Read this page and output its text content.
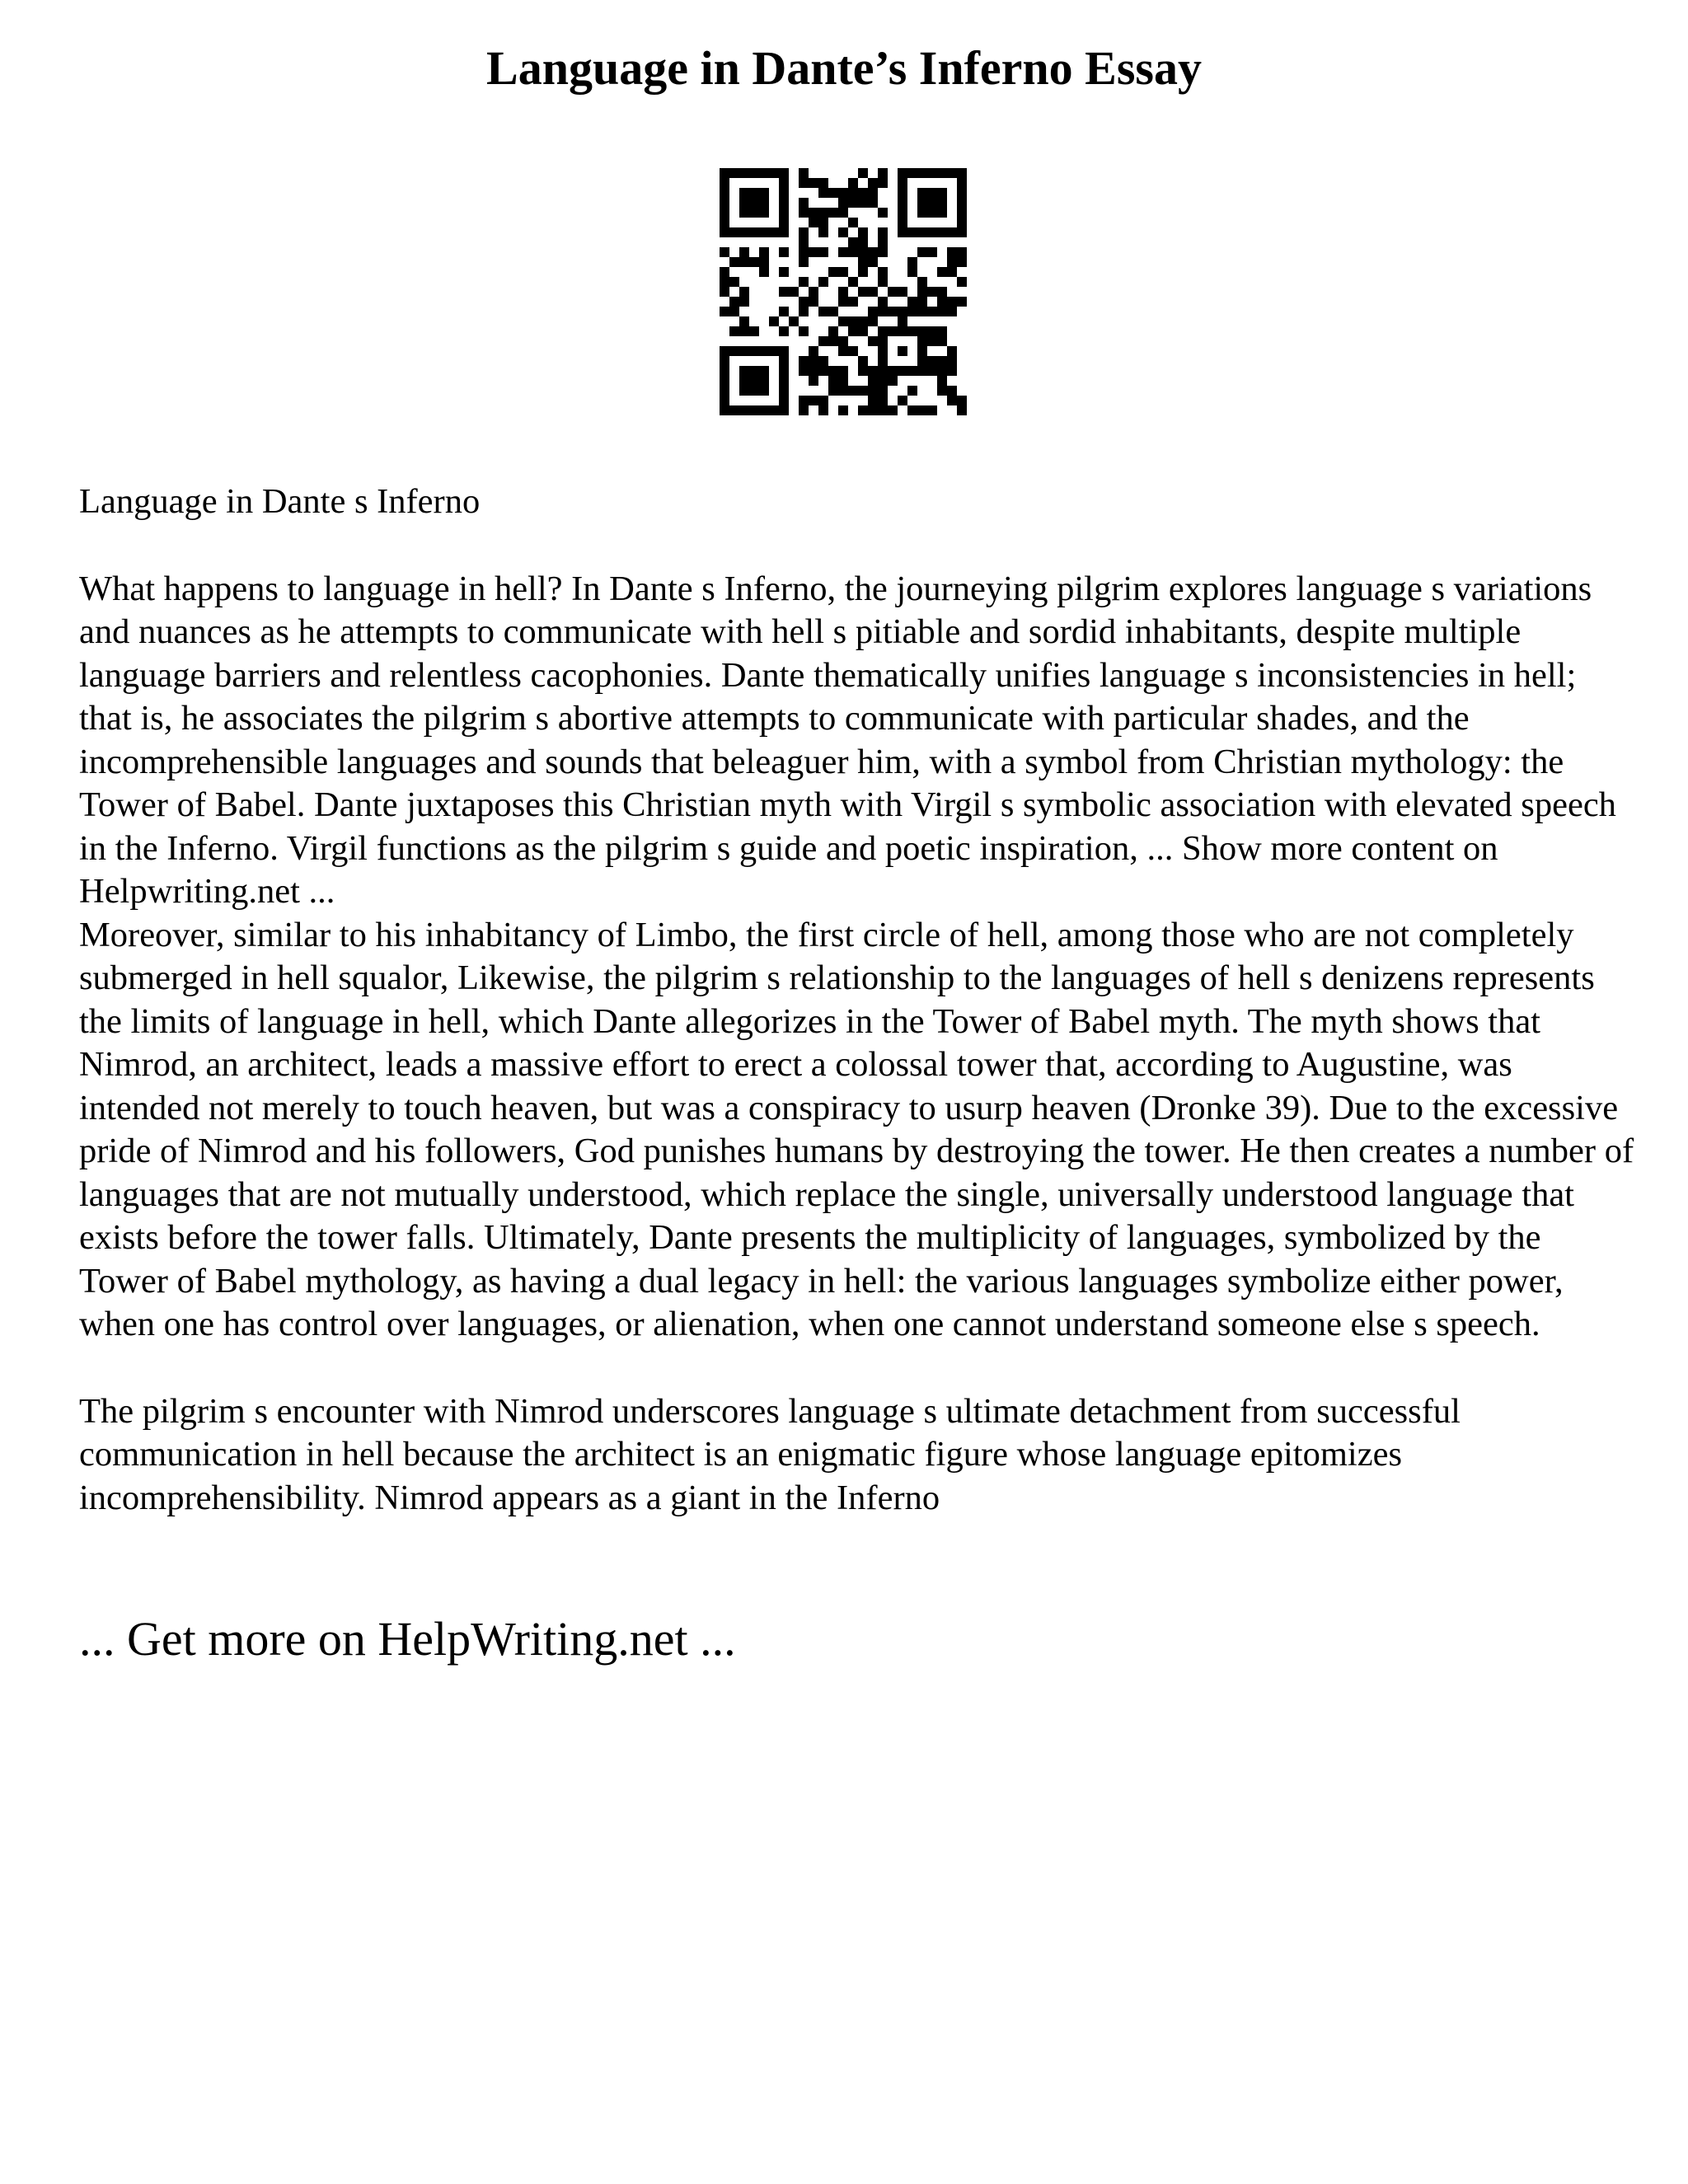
Language in Dante’s Inferno Essay

Language in Dante s Inferno

What happens to language in hell? In Dante s Inferno, the journeying pilgrim explores language s variations and nuances as he attempts to communicate with hell s pitiable and sordid inhabitants, despite multiple language barriers and relentless cacophonies. Dante thematically unifies language s inconsistencies in hell; that is, he associates the pilgrim s abortive attempts to communicate with particular shades, and the incomprehensible languages and sounds that beleaguer him, with a symbol from Christian mythology: the Tower of Babel. Dante juxtaposes this Christian myth with Virgil s symbolic association with elevated speech in the Inferno. Virgil functions as the pilgrim s guide and poetic inspiration, ... Show more content on Helpwriting.net ...

Moreover, similar to his inhabitancy of Limbo, the first circle of hell, among those who are not completely submerged in hell squalor, Likewise, the pilgrim s relationship to the languages of hell s denizens represents the limits of language in hell, which Dante allegorizes in the Tower of Babel myth. The myth shows that Nimrod, an architect, leads a massive effort to erect a colossal tower that, according to Augustine, was intended not merely to touch heaven, but was a conspiracy to usurp heaven (Dronke 39). Due to the excessive pride of Nimrod and his followers, God punishes humans by destroying the tower. He then creates a number of languages that are not mutually understood, which replace the single, universally understood language that exists before the tower falls. Ultimately, Dante presents the multiplicity of languages, symbolized by the Tower of Babel mythology, as having a dual legacy in hell: the various languages symbolize either power, when one has control over languages, or alienation, when one cannot understand someone else s speech.

The pilgrim s encounter with Nimrod underscores language s ultimate detachment from successful communication in hell because the architect is an enigmatic figure whose language epitomizes incomprehensibility. Nimrod appears as a giant in the Inferno

... Get more on HelpWriting.net ...
